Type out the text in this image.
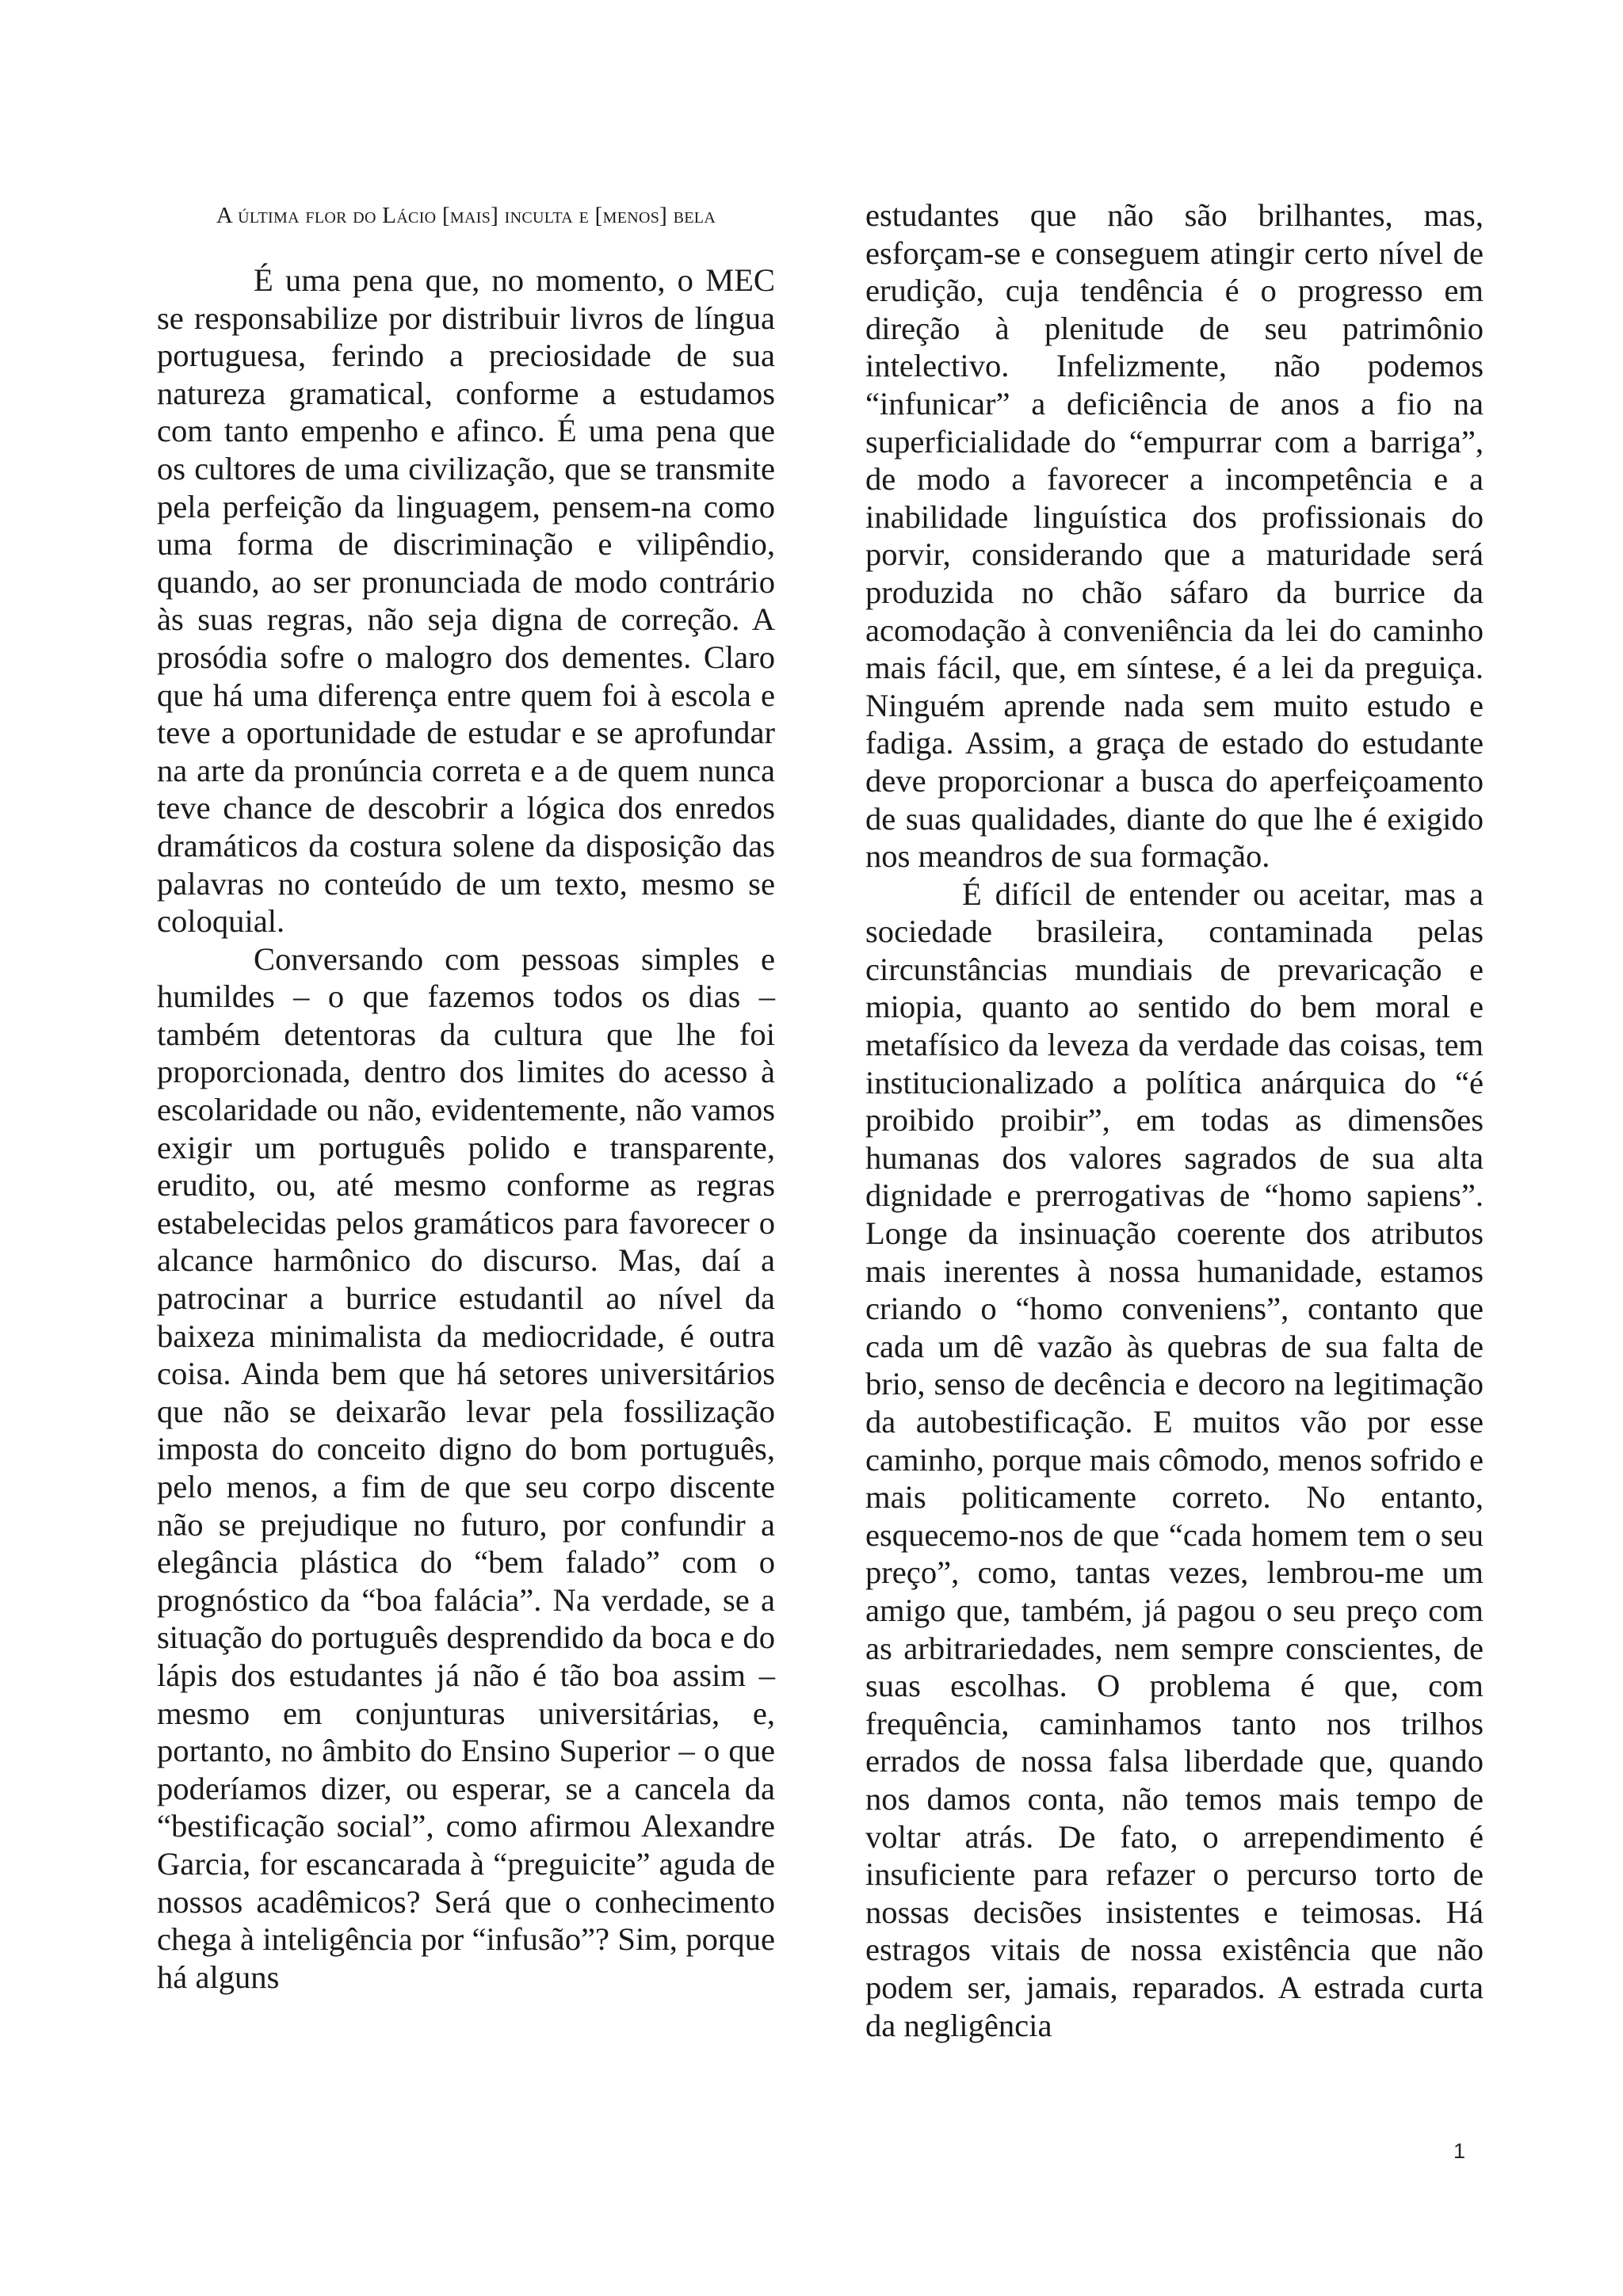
A última flor do Lácio [mais] inculta e [menos] bela

É uma pena que, no momento, o MEC se responsabilize por distribuir livros de língua portuguesa, ferindo a preciosidade de sua natureza gramatical, conforme a estudamos com tanto empenho e afinco. É uma pena que os cultores de uma civilização, que se transmite pela perfeição da linguagem, pensem-na como uma forma de discriminação e vilipêndio, quando, ao ser pronunciada de modo contrário às suas regras, não seja digna de correção. A prosódia sofre o malogro dos dementes. Claro que há uma diferença entre quem foi à escola e teve a oportunidade de estudar e se aprofundar na arte da pronúncia correta e a de quem nunca teve chance de descobrir a lógica dos enredos dramáticos da costura solene da disposição das palavras no conteúdo de um texto, mesmo se coloquial.

Conversando com pessoas simples e humildes – o que fazemos todos os dias – também detentoras da cultura que lhe foi proporcionada, dentro dos limites do acesso à escolaridade ou não, evidentemente, não vamos exigir um português polido e transparente, erudito, ou, até mesmo conforme as regras estabelecidas pelos gramáticos para favorecer o alcance harmônico do discurso. Mas, daí a patrocinar a burrice estudantil ao nível da baixeza minimalista da mediocridade, é outra coisa. Ainda bem que há setores universitários que não se deixarão levar pela fossilização imposta do conceito digno do bom português, pelo menos, a fim de que seu corpo discente não se prejudique no futuro, por confundir a elegância plástica do “bem falado” com o prognóstico da “boa falácia”. Na verdade, se a situação do português desprendido da boca e do lápis dos estudantes já não é tão boa assim – mesmo em conjunturas universitárias, e, portanto, no âmbito do Ensino Superior – o que poderíamos dizer, ou esperar, se a cancela da “bestificação social”, como afirmou Alexandre Garcia, for escancarada à “preguicite” aguda de nossos acadêmicos? Será que o conhecimento chega à inteligência por “infusão”? Sim, porque há alguns

estudantes que não são brilhantes, mas, esforçam-se e conseguem atingir certo nível de erudição, cuja tendência é o progresso em direção à plenitude de seu patrimônio intelectivo. Infelizmente, não podemos “infunicar” a deficiência de anos a fio na superficialidade do “empurrar com a barriga”, de modo a favorecer a incompetência e a inabilidade linguística dos profissionais do porvir, considerando que a maturidade será produzida no chão sáfaro da burrice da acomodação à conveniência da lei do caminho mais fácil, que, em síntese, é a lei da preguiça. Ninguém aprende nada sem muito estudo e fadiga. Assim, a graça de estado do estudante deve proporcionar a busca do aperfeiçoamento de suas qualidades, diante do que lhe é exigido nos meandros de sua formação.

É difícil de entender ou aceitar, mas a sociedade brasileira, contaminada pelas circunstâncias mundiais de prevaricação e miopia, quanto ao sentido do bem moral e metafísico da leveza da verdade das coisas, tem institucionalizado a política anárquica do “é proibido proibir”, em todas as dimensões humanas dos valores sagrados de sua alta dignidade e prerrogativas de “homo sapiens”. Longe da insinuação coerente dos atributos mais inerentes à nossa humanidade, estamos criando o “homo conveniens”, contanto que cada um dê vazão às quebras de sua falta de brio, senso de decência e decoro na legitimação da autobestificação. E muitos vão por esse caminho, porque mais cômodo, menos sofrido e mais politicamente correto. No entanto, esquecemo-nos de que “cada homem tem o seu preço”, como, tantas vezes, lembrou-me um amigo que, também, já pagou o seu preço com as arbitrariedades, nem sempre conscientes, de suas escolhas. O problema é que, com frequência, caminhamos tanto nos trilhos errados de nossa falsa liberdade que, quando nos damos conta, não temos mais tempo de voltar atrás. De fato, o arrependimento é insuficiente para refazer o percurso torto de nossas decisões insistentes e teimosas. Há estragos vitais de nossa existência que não podem ser, jamais, reparados. A estrada curta da negligência

1
